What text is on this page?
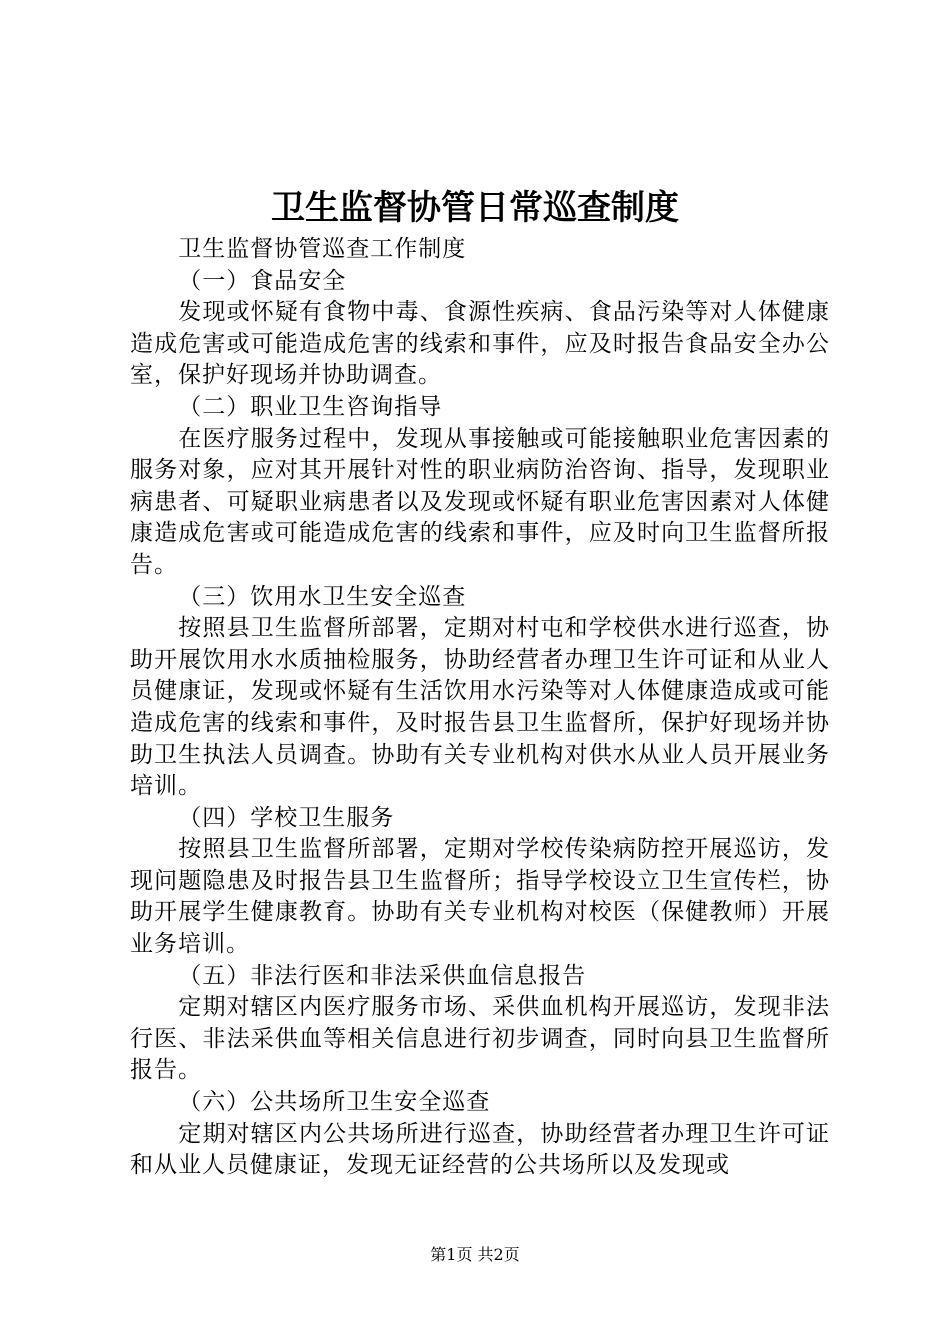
卫生监督协管日常巡查制度

卫生监督协管巡查工作制度

（一）食品安全

发现或怀疑有食物中毒、食源性疾病、食品污染等对人体健康造成危害或可能造成危害的线索和事件，应及时报告食品安全办公室，保护好现场并协助调查。

（二）职业卫生咨询指导

在医疗服务过程中，发现从事接触或可能接触职业危害因素的服务对象，应对其开展针对性的职业病防治咨询、指导，发现职业病患者、可疑职业病患者以及发现或怀疑有职业危害因素对人体健康造成危害或可能造成危害的线索和事件，应及时向卫生监督所报告。

（三）饮用水卫生安全巡查

按照县卫生监督所部署，定期对村屯和学校供水进行巡查，协助开展饮用水水质抽检服务，协助经营者办理卫生许可证和从业人员健康证，发现或怀疑有生活饮用水污染等对人体健康造成或可能造成危害的线索和事件，及时报告县卫生监督所，保护好现场并协助卫生执法人员调查。协助有关专业机构对供水从业人员开展业务培训。

（四）学校卫生服务

按照县卫生监督所部署，定期对学校传染病防控开展巡访，发现问题隐患及时报告县卫生监督所；指导学校设立卫生宣传栏，协助开展学生健康教育。协助有关专业机构对校医（保健教师）开展业务培训。

（五）非法行医和非法采供血信息报告

定期对辖区内医疗服务市场、采供血机构开展巡访，发现非法行医、非法采供血等相关信息进行初步调查，同时向县卫生监督所报告。

（六）公共场所卫生安全巡查

定期对辖区内公共场所进行巡查，协助经营者办理卫生许可证和从业人员健康证，发现无证经营的公共场所以及发现或

第1页 共2页
